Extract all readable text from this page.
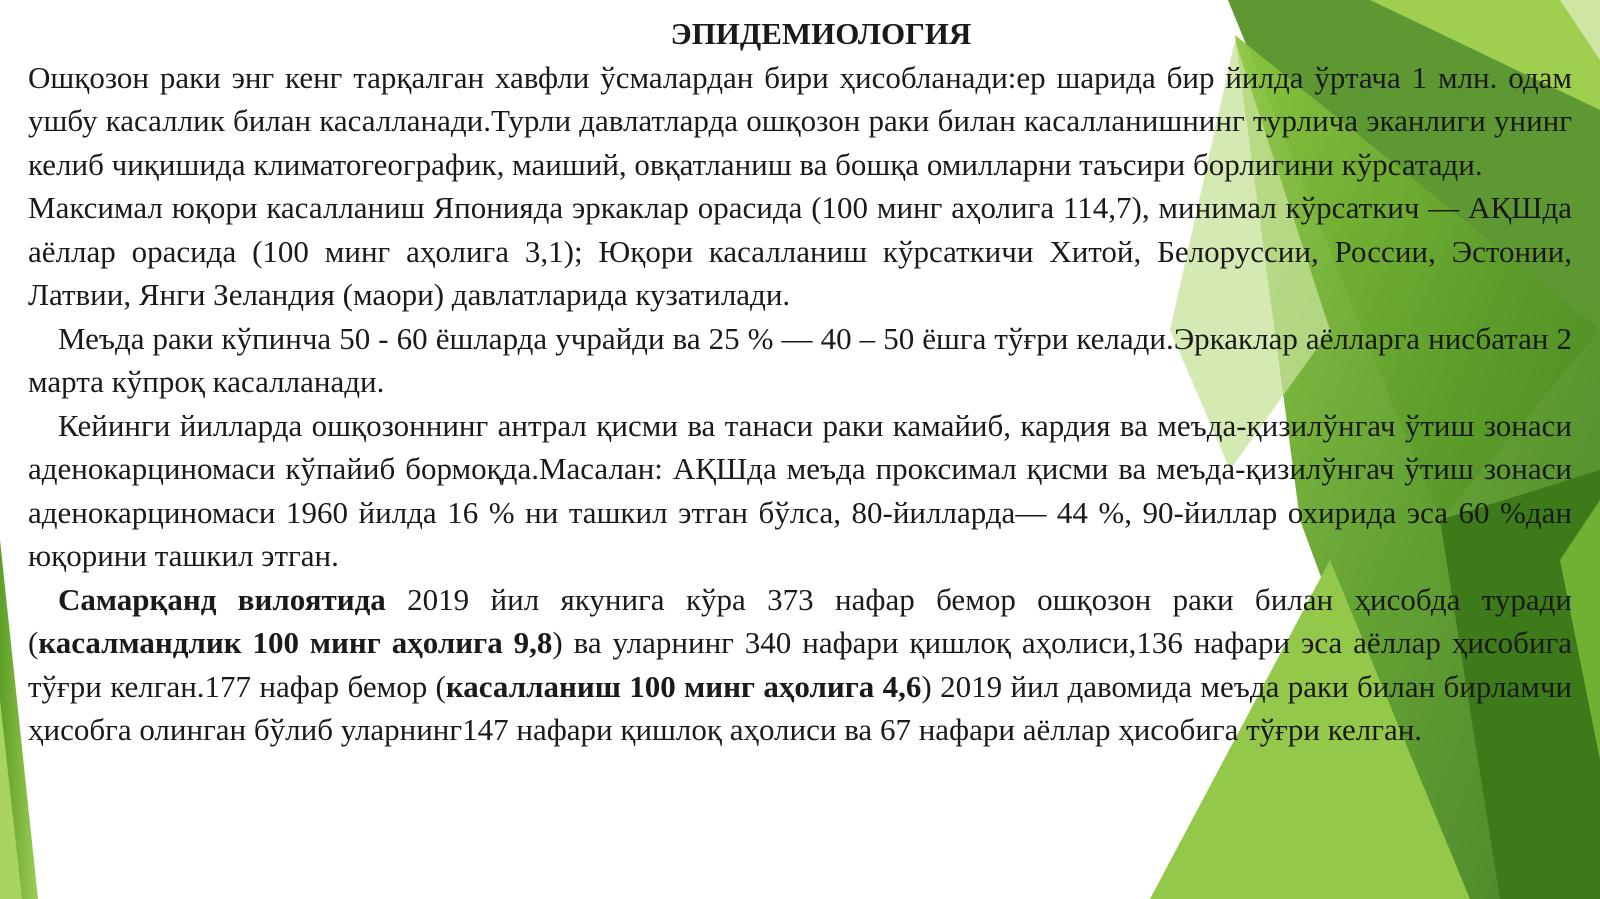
ЭПИДЕМИОЛОГИЯ

Ошқозон раки энг кенг тарқалган хавфли ўсмалардан бири ҳисобланади:ер шарида бир йилда ўртача 1 млн. одам ушбу касаллик билан касалланади.Турли давлатларда ошқозон раки билан касалланишнинг турлича эканлиги унинг келиб чиқишида климатогеографик, маиший, овқатланиш ва бошқа омилларни таъсири борлигини кўрсатади.

Максимал юқори касалланиш Японияда эркаклар орасида (100 минг аҳолига 114,7), минимал кўрсаткич — АҚШда аёллар орасида (100 минг аҳолига 3,1); Юқори касалланиш кўрсаткичи Хитой, Белоруссии, России, Эстонии, Латвии, Янги Зеландия (маори) давлатларида кузатилади.

Меъда раки кўпинча 50 - 60 ёшларда учрайди ва 25 % — 40 – 50 ёшга тўғри келади.Эркаклар аёлларга нисбатан 2 марта кўпроқ касалланади.

Кейинги йилларда ошқозоннинг антрал қисми ва танаси раки камайиб, кардия ва меъда-қизилўнгач ўтиш зонаси аденокарциномаси кўпайиб бормоқда.Масалан: АҚШда меъда проксимал қисми ва меъда-қизилўнгач ўтиш зонаси аденокарциномаси 1960 йилда 16 % ни ташкил этган бўлса, 80-йилларда— 44 %, 90-йиллар охирида эса 60 %дан юқорини ташкил этган.

Самарқанд вилоятида 2019 йил якунига кўра 373 нафар бемор ошқозон раки билан ҳисобда туради (касалмандлик 100 минг аҳолига 9,8) ва уларнинг 340 нафари қишлоқ аҳолиси,136 нафари эса аёллар ҳисобига тўғри келган.177 нафар бемор (касалланиш 100 минг аҳолига 4,6) 2019 йил давомида меъда раки билан бирламчи ҳисобга олинган бўлиб уларнинг147 нафари қишлоқ аҳолиси ва 67 нафари аёллар ҳисобига тўғри келган.
